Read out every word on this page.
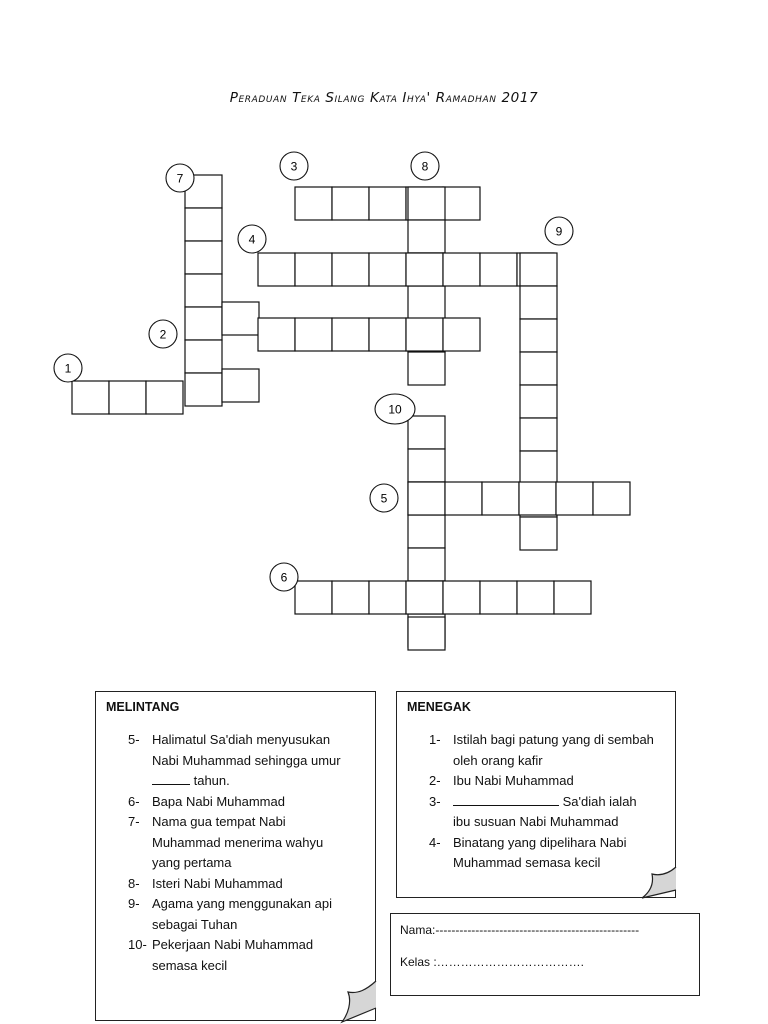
Peraduan Teka Silang Kata Ihya' Ramadhan 2017
1
2
3
4
5
6
7
8
9
10
MELINTANG
5- Halimatul Sa'diah menyusukan Nabi Muhammad sehingga umur  tahun.
6- Bapa Nabi Muhammad
7- Nama gua tempat Nabi Muhammad menerima wahyu yang pertama
8- Isteri Nabi Muhammad
9- Agama yang menggunakan api sebagai Tuhan
10- Pekerjaan Nabi Muhammad semasa kecil
MENEGAK
1- Istilah bagi patung yang di sembah oleh orang kafir
2- Ibu Nabi Muhammad
3-	Sa'diah ialah ibu susuan Nabi Muhammad
4- Binatang yang dipelihara Nabi Muhammad semasa kecil
Nama:---------------------------------------------------
Kelas :……………………………….
